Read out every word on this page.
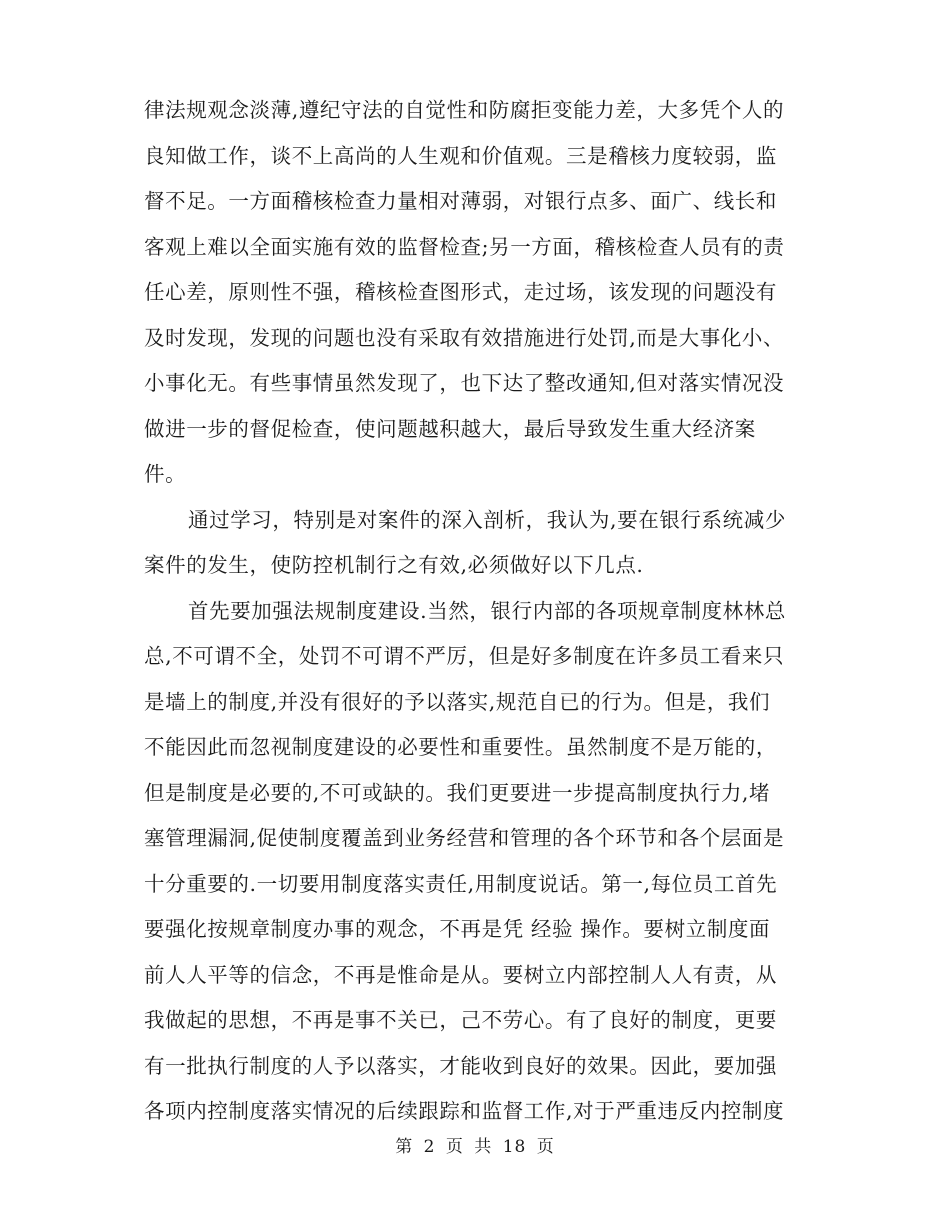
律法规观念淡薄,遵纪守法的自觉性和防腐拒变能力差，大多凭个人的
良知做工作，谈不上高尚的人生观和价值观。三是稽核力度较弱，监
督不足。一方面稽核检查力量相对薄弱，对银行点多、面广、线长和
客观上难以全面实施有效的监督检查;另一方面，稽核检查人员有的责
任心差，原则性不强，稽核检查图形式，走过场，该发现的问题没有
及时发现，发现的问题也没有采取有效措施进行处罚,而是大事化小、
小事化无。有些事情虽然发现了，也下达了整改通知,但对落实情况没
做进一步的督促检查，使问题越积越大，最后导致发生重大经济案
件。
通过学习，特别是对案件的深入剖析，我认为,要在银行系统减少
案件的发生，使防控机制行之有效,必须做好以下几点.
首先要加强法规制度建设.当然，银行内部的各项规章制度林林总
总,不可谓不全，处罚不可谓不严厉，但是好多制度在许多员工看来只
是墙上的制度,并没有很好的予以落实,规范自已的行为。但是，我们
不能因此而忽视制度建设的必要性和重要性。虽然制度不是万能的，
但是制度是必要的,不可或缺的。我们更要进一步提高制度执行力,堵
塞管理漏洞,促使制度覆盖到业务经营和管理的各个环节和各个层面是
十分重要的.一切要用制度落实责任,用制度说话。第一,每位员工首先
要强化按规章制度办事的观念，不再是凭 经验 操作。要树立制度面
前人人平等的信念，不再是惟命是从。要树立内部控制人人有责，从
我做起的思想，不再是事不关已，己不劳心。有了良好的制度，更要
有一批执行制度的人予以落实，才能收到良好的效果。因此，要加强
各项内控制度落实情况的后续跟踪和监督工作,对于严重违反内控制度
第 2 页 共 18 页
